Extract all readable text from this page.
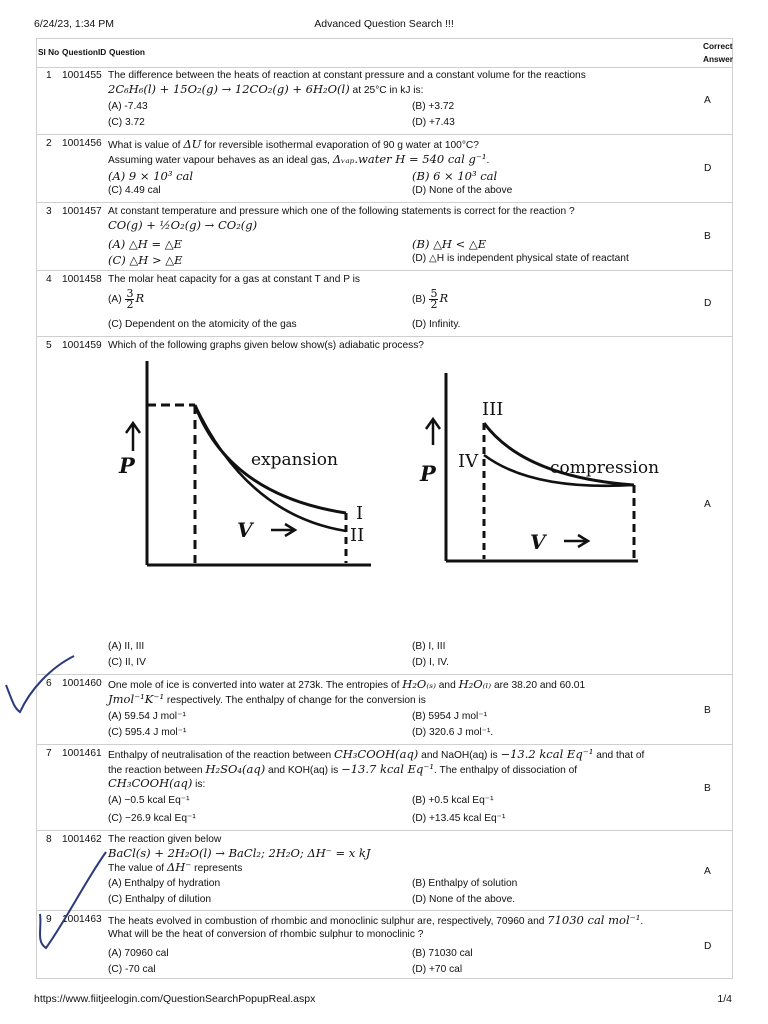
6/24/23, 1:34 PM	Advanced Question Search !!!
Sl No QuestionID Question
Correct
Answer
1 1001455 The difference between the heats of reaction at constant pressure and a constant volume for the reactions
2C₆H₆(l) + 15O₂(g) → 12CO₂(g) + 6H₂O(l) at 25°C in kJ is:
(A) -7.43	(B) +3.72
(C) 3.72	(D) +7.43
A
2 1001456 What is value of ΔU for reversible isothermal evaporation of 90 g water at 100°C?
Assuming water vapour behaves as an ideal gas, Δᵥₐₚ.water H = 540 cal g⁻¹.
(A) 9 × 10³ cal	(B) 6 × 10³ cal
(C) 4.49 cal	(D) None of the above
D
3 1001457 At constant temperature and pressure which one of the following statements is correct for the reaction ?
CO(g) + ½O₂(g) → CO₂(g)
(A) △H = △E	(B) △H < △E
(C) △H > △E	(D) △H is independent physical state of reactant
B
4 1001458 The molar heat capacity for a gas at constant T and P is
$(A) \frac{3}{2}$ R	$(B) \frac{5}{2}$ R
(C) Dependent on the atomicity of the gas	(D) Infinity.
D
5 1001459 Which of the following graphs given below show(s) adiabatic process?
P
V
expansion
I
II
P
V
compression
III
IV
(A) II, III	(B) I, III
(C) II, IV	(D) I, IV.
A
6 1001460 One mole of ice is converted into water at 273k. The entropies of H₂O₍ₛ₎ and H₂O₍ₗ₎ are 38.20 and 60.01
Jmol⁻¹K⁻¹ respectively. The enthalpy of change for the conversion is
(A) 59.54 J mol⁻¹	(B) 5954 J mol⁻¹
(C) 595.4 J mol⁻¹	(D) 320.6 J mol⁻¹.
B
7 1001461 Enthalpy of neutralisation of the reaction between CH₃COOH(aq) and NaOH(aq) is −13.2 kcal Eq⁻¹ and that of
the reaction between H₂SO₄(aq) and KOH(aq) is −13.7 kcal Eq⁻¹. The enthalpy of dissociation of
CH₃COOH(aq) is:
(A) −0.5 kcal Eq⁻¹	(B) +0.5 kcal Eq⁻¹
(C) −26.9 kcal Eq⁻¹	(D) +13.45 kcal Eq⁻¹
B
8 1001462 The reaction given below
BaCl(s) + 2H₂O(l) → BaCl₂; 2H₂O; ΔH⁻ = x kJ
The value of ΔH⁻ represents
(A) Enthalpy of hydration	(B) Enthalpy of solution
(C) Enthalpy of dilution	(D) None of the above.
A
9 1001463 The heats evolved in combustion of rhombic and monoclinic sulphur are, respectively, 70960 and 71030 cal mol⁻¹.
What will be the heat of conversion of rhombic sulphur to monoclinic ?
(A) 70960 cal	(B) 71030 cal
(C) -70 cal	(D) +70 cal
D
https://www.fiitjeelogin.com/QuestionSearchPopupReal.aspx	1/4
